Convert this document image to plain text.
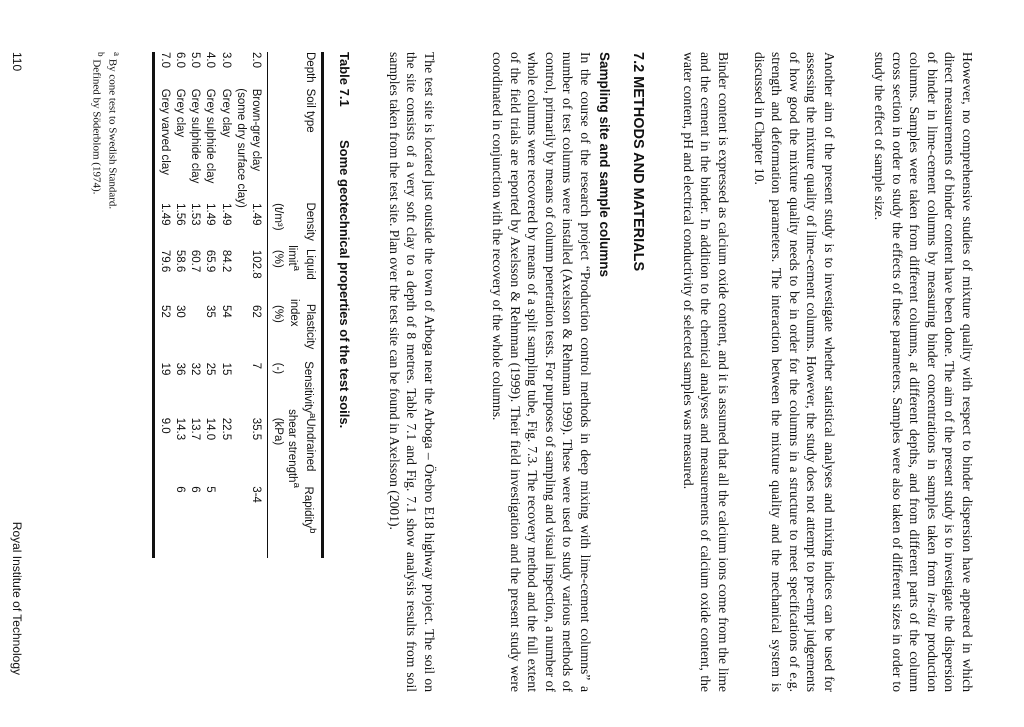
However, no comprehensive studies of mixture quality with respect to binder dispersion have appeared in which direct measurements of binder content have been done. The aim of the present study is to investigate the dispersion of binder in lime-cement columns by measuring binder concentrations in samples taken from in-situ production columns. Samples were taken from different columns, at different depths, and from different parts of the column cross section in order to study the effects of these parameters. Samples were also taken of different sizes in order to study the effect of sample size.

Another aim of the present study is to investigate whether statistical analyses and mixing indices can be used for assessing the mixture quality of lime-cement columns. However, the study does not attempt to pre-empt judgements of how good the mixture quality needs to be in order for the columns in a structure to meet specifications of e.g. strength and deformation parameters. The interaction between the mixture quality and the mechanical system is discussed in Chapter 10.

Binder content is expressed as calcium oxide content, and it is assumed that all the calcium ions come from the lime and the cement in the binder. In addition to the chemical analyses and measurements of calcium oxide content, the water content, pH and electrical conductivity of selected samples was measured.

7.2 METHODS AND MATERIALS
Sampling site and sample columns

In the course of the research project “Production control methods in deep mixing with lime-cement columns” a number of test columns were installed (Axelsson & Rehnman 1999). These were used to study various methods of control, primarily by means of column penetration tests. For purposes of sampling and visual inspection, a number of whole columns were recovered by means of a split sampling tube, Fig. 7.3. The recovery method and the full extent of the field trials are reported by Axelsson & Rehnman (1999). Their field investigation and the present study were coordinated in conjunction with the recovery of the whole columns.

The test site is located just outside the town of Arboga near the Arboga – Örebro E18 highway project. The soil on the site consists of a very soft clay to a depth of 8 metres. Table 7.1 and Fig. 7.1 show analysis results from soil samples taken from the test site. Plan over the test site can be found in Axelsson (2001).

Table 7.1Some geotechnical properties of the test soils.

Depth
Soil type
Density
Liquid
Plasticity
Sensitivity$^a$
Undrained
Rapidity$^b$
limit$^a$
index
shear strength$^a$
(t/m³)
(%)
(%)
(-)
(kPa)
2.0
Brown-grey clay
1.49
102.8
62
7
35.5
3-4
(some dry surface clay)
3.0
Grey clay
1.49
84.2
54
15
22.5
4.0
Grey sulphide clay
1.49
65.9
35
25
14.0
5
5.0
Grey sulphide clay
1.53
60.7
32
13.7
6
6.0
Grey clay
1.56
58.6
30
36
14.3
6
7.0
Grey varved clay
1.49
79.6
52
19
9.0

$^a$ By cone test to Swedish Standard.

$^b$ Defined by Söderblom (1974).

110

Royal Institute of Technology
